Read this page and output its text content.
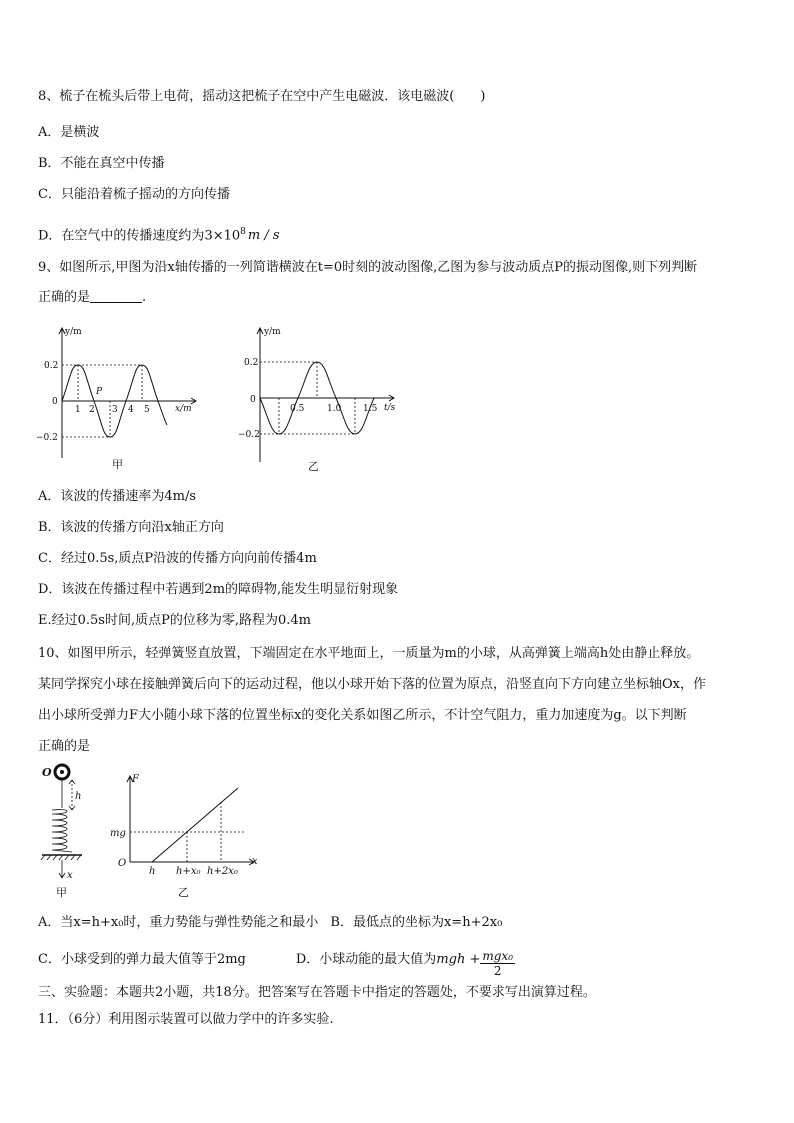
8、梳子在梳头后带上电荷，摇动这把梳子在空中产生电磁波．该电磁波(　　)
A．是横波
B．不能在真空中传播
C．只能沿着梳子摇动的方向传播
D．在空气中的传播速度约为$3\times 10^8$ m / s
9、如图所示,甲图为沿x轴传播的一列简谐横波在t=0时刻的波动图像,乙图为参与波动质点P的振动图像,则下列判断
正确的是	.
y/m
0.2
0
−0.2
1 2 3 4 5	x/m
P
甲
y/m
0.2
0
−0.2
0.5	1.0 1.5 t/s
乙
A．该波的传播速率为4m/s
B．该波的传播方向沿x轴正方向
C．经过0.5s,质点P沿波的传播方向向前传播4m
D．该波在传播过程中若遇到2m的障碍物,能发生明显衍射现象
E.经过0.5s时间,质点P的位移为零,路程为0.4m
10、如图甲所示，轻弹簧竖直放置，下端固定在水平地面上，一质量为m的小球，从高弹簧上端高h处由静止释放。
某同学探究小球在接触弹簧后向下的运动过程，他以小球开始下落的位置为原点，沿竖直向下方向建立坐标轴Ox，作
出小球所受弹力F大小随小球下落的位置坐标x的变化关系如图乙所示，不计空气阻力，重力加速度为g。以下判断
正确的是
O
h
x
甲
F
mg
O
h h+x₀ h+2x₀
x
乙
A．当x=h+x₀时，重力势能与弹性势能之和最小 B．最低点的坐标为x=h+2x₀
C．小球受到的弹力最大值等于2mg	D．小球动能的最大值为mgh + $\frac{\text{mgx₀}}{2}$
三、实验题：本题共2小题，共18分。把答案写在答题卡中指定的答题处，不要求写出演算过程。
11．（6分）利用图示装置可以做力学中的许多实验.
